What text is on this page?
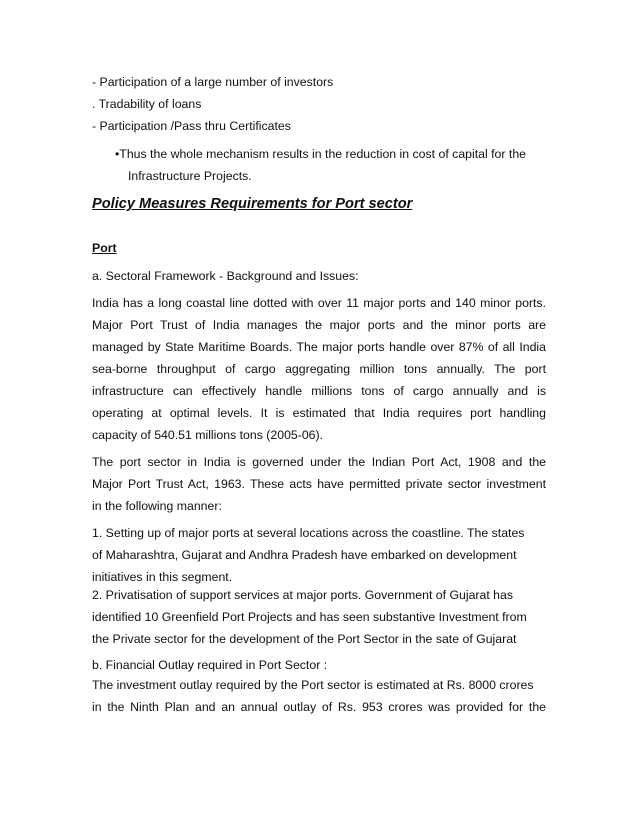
- Participation of a large number of investors
. Tradability of loans
- Participation /Pass thru Certificates
•Thus the whole mechanism results in the reduction in cost of capital for the
Infrastructure Projects.
Policy Measures Requirements for Port sector
Port
a. Sectoral Framework - Background and Issues:
India has a long coastal line dotted with over 11 major ports and 140 minor ports.
Major Port Trust of India manages the major ports and the minor ports are
managed by State Maritime Boards. The major ports handle over 87% of all India
sea-borne throughput of cargo aggregating million tons annually. The port
infrastructure can effectively handle millions tons of cargo annually and is
operating at optimal levels. It is estimated that India requires port handling
capacity of 540.51 millions tons (2005-06).
The port sector in India is governed under the Indian Port Act, 1908 and the
Major Port Trust Act, 1963. These acts have permitted private sector investment
in the following manner:
1. Setting up of major ports at several locations across the coastline. The states
of Maharashtra, Gujarat and Andhra Pradesh have embarked on development
initiatives in this segment.
2. Privatisation of support services at major ports. Government of Gujarat has
identified 10 Greenfield Port Projects and has seen substantive Investment from
the Private sector for the development of the Port Sector in the sate of Gujarat
b. Financial Outlay required in Port Sector :
The investment outlay required by the Port sector is estimated at Rs. 8000 crores
in the Ninth Plan and an annual outlay of Rs. 953 crores was provided for the
